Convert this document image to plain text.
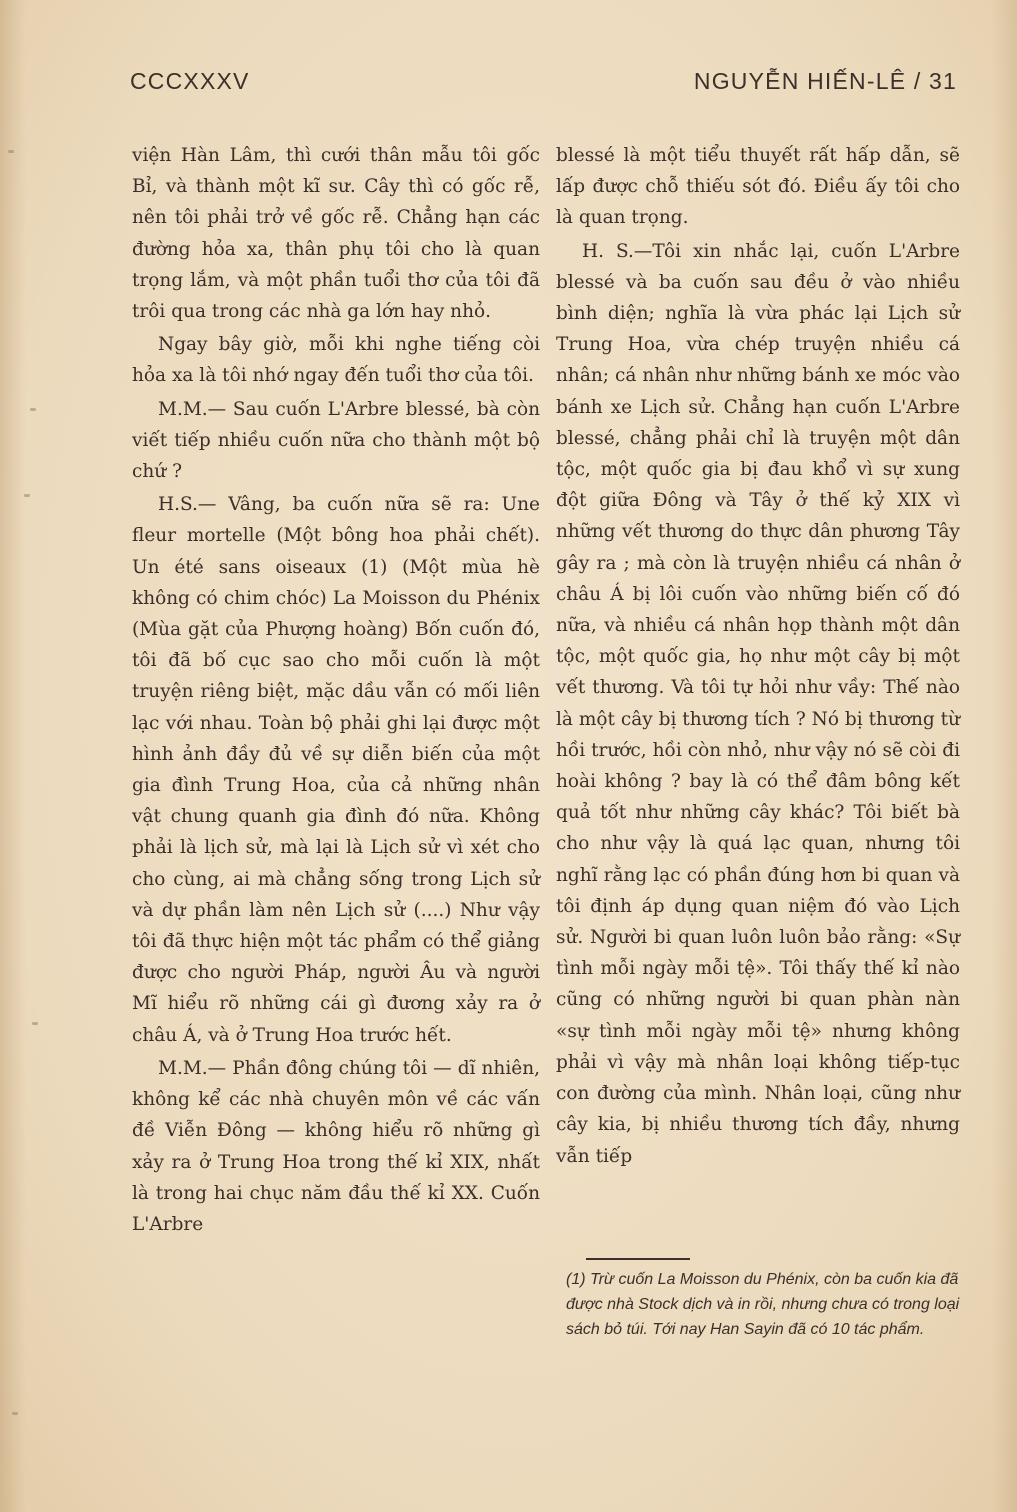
CCCXXXV	NGUYỄN HIẾN-LÊ / 31

viện Hàn Lâm, thì cưới thân mẫu tôi gốc Bỉ, và thành một kĩ sư. Cây thì có gốc rễ, nên tôi phải trở về gốc rễ. Chẳng hạn các đường hỏa xa, thân phụ tôi cho là quan trọng lắm, và một phần tuổi thơ của tôi đã trôi qua trong các nhà ga lớn hay nhỏ.

Ngay bây giờ, mỗi khi nghe tiếng còi hỏa xa là tôi nhớ ngay đến tuổi thơ của tôi.

M.M.— Sau cuốn L'Arbre blessé, bà còn viết tiếp nhiều cuốn nữa cho thành một bộ chứ ?

H.S.— Vâng, ba cuốn nữa sẽ ra: Une fleur mortelle (Một bông hoa phải chết). Un été sans oiseaux (1) (Một mùa hè không có chim chóc) La Moisson du Phénix (Mùa gặt của Phượng hoàng) Bốn cuốn đó, tôi đã bố cục sao cho mỗi cuốn là một truyện riêng biệt, mặc dầu vẫn có mối liên lạc với nhau. Toàn bộ phải ghi lại được một hình ảnh đầy đủ về sự diễn biến của một gia đình Trung Hoa, của cả những nhân vật chung quanh gia đình đó nữa. Không phải là lịch sử, mà lại là Lịch sử vì xét cho cho cùng, ai mà chẳng sống trong Lịch sử và dự phần làm nên Lịch sử (....) Như vậy tôi đã thực hiện một tác phẩm có thể giảng được cho người Pháp, người Âu và người Mĩ hiểu rõ những cái gì đương xảy ra ở châu Á, và ở Trung Hoa trước hết.

M.M.— Phần đông chúng tôi — dĩ nhiên, không kể các nhà chuyên môn về các vấn đề Viễn Đông — không hiểu rõ những gì xảy ra ở Trung Hoa trong thế kỉ XIX, nhất là trong hai chục năm đầu thế kỉ XX. Cuốn L'Arbre

blessé là một tiểu thuyết rất hấp dẫn, sẽ lấp được chỗ thiếu sót đó. Điều ấy tôi cho là quan trọng.

H. S.—Tôi xin nhắc lại, cuốn L'Arbre blessé và ba cuốn sau đều ở vào nhiều bình diện; nghĩa là vừa phác lại Lịch sử Trung Hoa, vừa chép truyện nhiều cá nhân; cá nhân như những bánh xe móc vào bánh xe Lịch sử. Chẳng hạn cuốn L'Arbre blessé, chẳng phải chỉ là truyện một dân tộc, một quốc gia bị đau khổ vì sự xung đột giữa Đông và Tây ở thế kỷ XIX vì những vết thương do thực dân phương Tây gây ra ; mà còn là truyện nhiều cá nhân ở châu Á bị lôi cuốn vào những biến cố đó nữa, và nhiều cá nhân họp thành một dân tộc, một quốc gia, họ như một cây bị một vết thương. Và tôi tự hỏi như vầy: Thế nào là một cây bị thương tích ? Nó bị thương từ hồi trước, hồi còn nhỏ, như vậy nó sẽ còi đi hoài không ? bay là có thể đâm bông kết quả tốt như những cây khác? Tôi biết bà cho như vậy là quá lạc quan, nhưng tôi nghĩ rằng lạc có phần đúng hơn bi quan và tôi định áp dụng quan niệm đó vào Lịch sử. Người bi quan luôn luôn bảo rằng: «Sự tình mỗi ngày mỗi tệ». Tôi thấy thế kỉ nào cũng có những người bi quan phàn nàn «sự tình mỗi ngày mỗi tệ» nhưng không phải vì vậy mà nhân loại không tiếp-tục con đường của mình. Nhân loại, cũng như cây kia, bị nhiều thương tích đầy, nhưng vẫn tiếp

(1) Trừ cuốn La Moisson du Phénix, còn ba cuốn kia đã được nhà Stock dịch và in rồi, nhưng chưa có trong loại sách bỏ túi. Tới nay Han Sayin đã có 10 tác phẩm.
